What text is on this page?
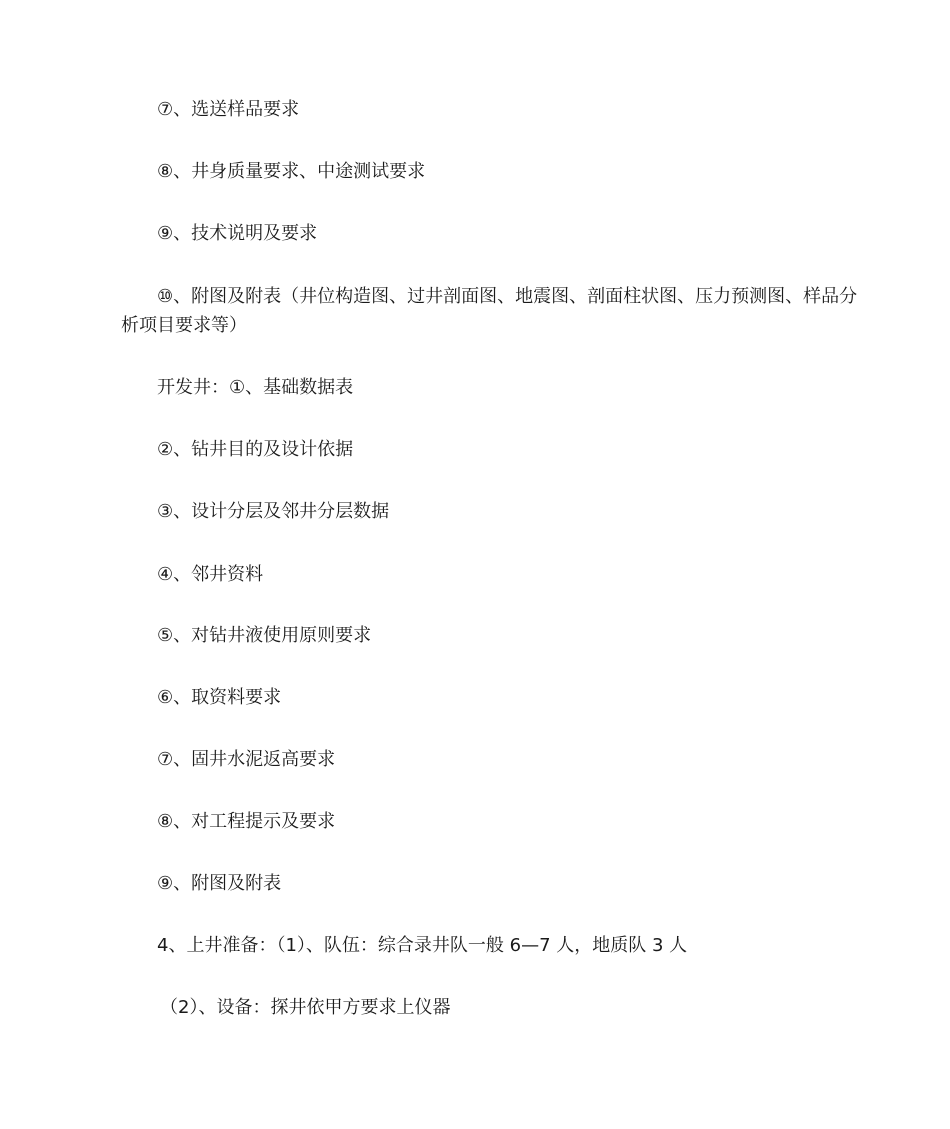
⑦、选送样品要求
⑧、井身质量要求、中途测试要求
⑨、技术说明及要求
⑩、附图及附表（井位构造图、过井剖面图、地震图、剖面柱状图、压力预测图、样品分析项目要求等）
开发井：①、基础数据表
②、钻井目的及设计依据
③、设计分层及邻井分层数据
④、邻井资料
⑤、对钻井液使用原则要求
⑥、取资料要求
⑦、固井水泥返高要求
⑧、对工程提示及要求
⑨、附图及附表
4、上井准备：（1）、队伍：综合录井队一般 6—7 人，地质队 3 人
（2）、设备：探井依甲方要求上仪器
